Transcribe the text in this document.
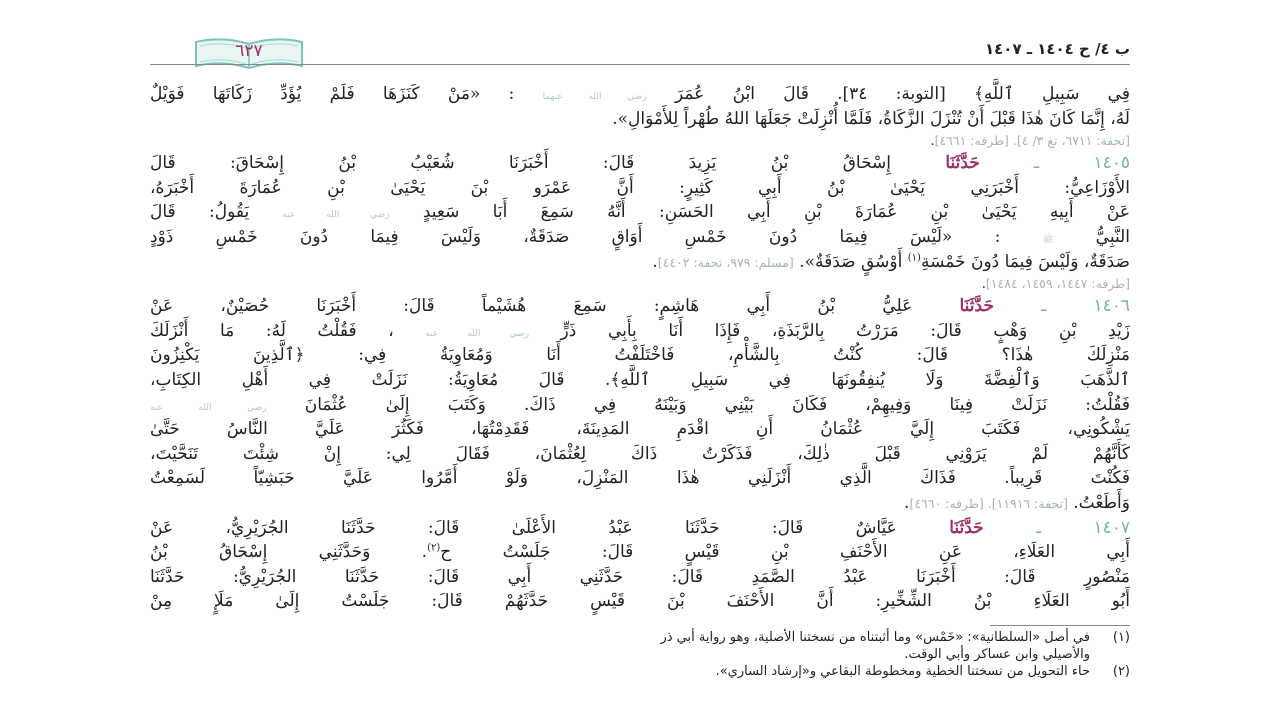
ب ٤/ ح ١٤٠٤ ـ ١٤٠٧
٦٢٧
فِي سَبِيلِ ٱللَّهِ﴾ [التوبة: ٣٤]. قَالَ ابْنُ عُمَرَ رضي الله عنهما : «مَنْ كَنَزَهَا فَلَمْ يُؤَدِّ زَكَاتَهَا فَوَيْلٌ
لَهُ، إِنَّمَا كَانَ هٰذَا قَبْلَ أَنْ تُنْزَلَ الزَّكَاةُ، فَلَمَّا أُنْزِلَتْ جَعَلَهَا اللهُ طُهْراً لِلأَمْوَالِ».
[تحفة: ٦٧١١، تغ ٣/ ٤]. [طرفه: ٤٦٦١].
١٤٠٥ ـ حَدَّثَنَا إِسْحَاقُ بْنُ يَزِيدَ قَالَ: أَخْبَرَنَا شُعَيْبُ بْنُ إِسْحَاقَ: قَالَ
الأَوْزَاعِيُّ: أَخْبَرَنِي يَحْيَىٰ بْنُ أَبِي كَثِيرٍ: أَنَّ عَمْرَو بْنَ يَحْيَىٰ بْنِ عُمَارَةَ أَخْبَرَهُ،
عَنْ أَبِيهِ يَحْيَىٰ بْنِ عُمَارَةَ بْنِ أَبِي الحَسَنِ: أَنَّهُ سَمِعَ أَبَا سَعِيدٍ رضي الله عنه يَقُولُ: قَالَ
النَّبِيُّ ﷺ : «لَيْسَ فِيمَا دُونَ خَمْسِ أَوَاقٍ صَدَقَةٌ، وَلَيْسَ فِيمَا دُونَ خَمْسِ ذَوْدٍ
صَدَقَةٌ، وَلَيْسَ فِيمَا دُونَ خَمْسَةِ$^{(١)}$ أَوْسُقٍ صَدَقَةٌ». [مسلم: ٩٧٩، تحفة: ٤٤٠٢].
[طرفه: ١٤٤٧، ١٤٥٩، ١٤٨٤].
١٤٠٦ ـ حَدَّثَنَا عَلِيُّ بْنُ أَبِي هَاشِمٍ: سَمِعَ هُشَيْماً قَالَ: أَخْبَرَنَا حُصَيْنٌ، عَنْ
زَيْدِ بْنِ وَهْبٍ قَالَ: مَرَرْتُ بِالرَّبَذَةِ، فَإِذَا أَنَا بِأَبِي ذَرٍّ رضي الله عنه ، فَقُلْتُ لَهُ: مَا أَنْزَلَكَ
مَنْزِلَكَ هٰذَا؟ قَالَ: كُنْتُ بِالشَّأْمِ، فَاخْتَلَفْتُ أَنَا وَمُعَاوِيَةُ فِي: ﴿ٱلَّذِينَ يَكْنِزُونَ
ٱلذَّهَبَ وَٱلْفِضَّةَ وَلَا يُنفِقُونَهَا فِي سَبِيلِ ٱللَّهِ﴾. قَالَ مُعَاوِيَةُ: نَزَلَتْ فِي أَهْلِ الكِتَابِ،
فَقُلْتُ: نَزَلَتْ فِينَا وَفِيهِمْ، فَكَانَ بَيْنِي وَبَيْنَهُ فِي ذَاكَ. وَكَتَبَ إِلَىٰ عُثْمَانَ رضي الله عنه
يَشْكُونِي، فَكَتَبَ إِلَيَّ عُثْمَانُ أَنِ اقْدَمِ المَدِينَةَ، فَقَدِمْتُهَا، فَكَثُرَ عَلَيَّ النَّاسُ حَتَّىٰ
كَأَنَّهُمْ لَمْ يَرَوْنِي قَبْلَ ذٰلِكَ، فَذَكَرْتُ ذَاكَ لِعُثْمَانَ، فَقَالَ لِي: إِنْ شِئْتَ تَنَحَّيْتَ،
فَكُنْتَ قَرِيباً. فَذَاكَ الَّذِي أَنْزَلَنِي هٰذَا المَنْزِلَ، وَلَوْ أَمَّرُوا عَلَيَّ حَبَشِيّاً لَسَمِعْتُ
وَأَطَعْتُ. [تحفة: ١١٩١٦]. [طرفه: ٤٦٦٠].
١٤٠٧ ـ حَدَّثَنَا عَيَّاشٌ قَالَ: حَدَّثَنَا عَبْدُ الأَعْلَىٰ قَالَ: حَدَّثَنَا الجُرَيْرِيُّ، عَنْ
أَبِي العَلَاءِ، عَنِ الأَحْنَفِ بْنِ قَيْسٍ قَالَ: جَلَسْتُ ح$^{(٢)}$. وَحَدَّثَنِي إِسْحَاقُ بْنُ
مَنْصُورٍ قَالَ: أَخْبَرَنَا عَبْدُ الصَّمَدِ قَالَ: حَدَّثَنِي أَبِي قَالَ: حَدَّثَنَا الجُرَيْرِيُّ: حَدَّثَنَا
أَبُو العَلَاءِ بْنُ الشِّخِّيرِ: أَنَّ الأَحْنَفَ بْنَ قَيْسٍ حَدَّثَهُمْ قَالَ: جَلَسْتُ إِلَىٰ مَلَإٍ مِنْ
(١)في أصل «السلطانية»: «خَمْس» وما أثبتناه من نسختنا الأصلية، وهو رواية أبي ذر
والأصيلي وابن عساكر وأبي الوقت.
(٢)حاء التحويل من نسختنا الخطية ومخطوطة البقاعي و«إرشاد الساري».
